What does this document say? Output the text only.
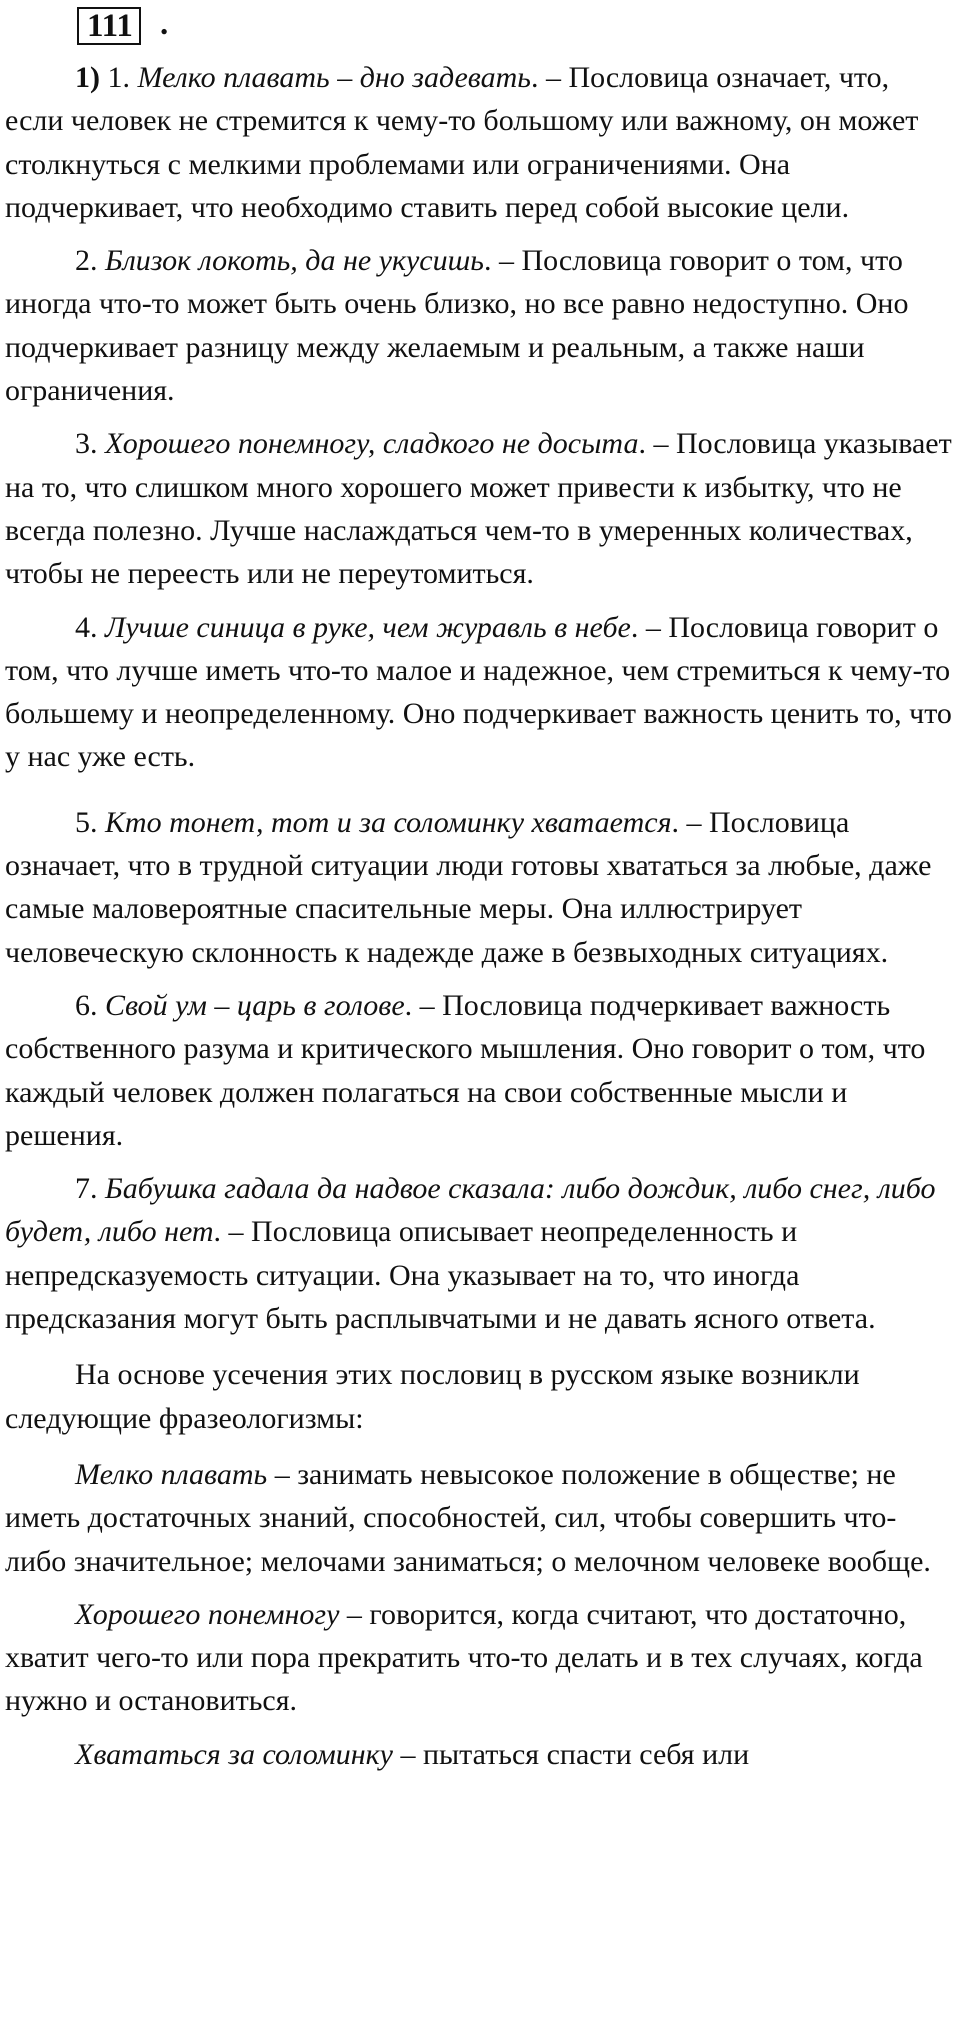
111 .

1) 1. Мелко плавать – дно задевать. – Пословица означает, что, если человек не стремится к чему-то большому или важному, он может столкнуться с мелкими проблемами или ограничениями. Она подчеркивает, что необходимо ставить перед собой высокие цели.

2. Близок локоть, да не укусишь. – Пословица говорит о том, что иногда что-то может быть очень близко, но все равно недоступно. Оно подчеркивает разницу между желаемым и реальным, а также наши ограничения.

3. Хорошего понемногу, сладкого не досыта. – Пословица указывает на то, что слишком много хорошего может привести к избытку, что не всегда полезно. Лучше наслаждаться чем-то в умеренных количествах, чтобы не переесть или не переутомиться.

4. Лучше синица в руке, чем журавль в небе. – Пословица говорит о том, что лучше иметь что-то малое и надежное, чем стремиться к чему-то большему и неопределенному. Оно подчеркивает важность ценить то, что у нас уже есть.

5. Кто тонет, тот и за соломинку хватается. – Пословица означает, что в трудной ситуации люди готовы хвататься за любые, даже самые маловероятные спасительные меры. Она иллюстрирует человеческую склонность к надежде даже в безвыходных ситуациях.

6. Свой ум – царь в голове. – Пословица подчеркивает важность собственного разума и критического мышления. Оно говорит о том, что каждый человек должен полагаться на свои собственные мысли и решения.

7. Бабушка гадала да надвое сказала: либо дождик, либо снег, либо будет, либо нет. – Пословица описывает неопределенность и непредсказуемость ситуации. Она указывает на то, что иногда предсказания могут быть расплывчатыми и не давать ясного ответа.

На основе усечения этих пословиц в русском языке возникли следующие фразеологизмы:

Мелко плавать – занимать невысокое положение в обществе; не иметь достаточных знаний, способностей, сил, чтобы совершить что-либо значительное; мелочами заниматься; о мелочном человеке вообще.

Хорошего понемногу – говорится, когда считают, что достаточно, хватит чего-то или пора прекратить что-то делать и в тех случаях, когда нужно и остановиться.

Хвататься за соломинку – пытаться спасти себя или
